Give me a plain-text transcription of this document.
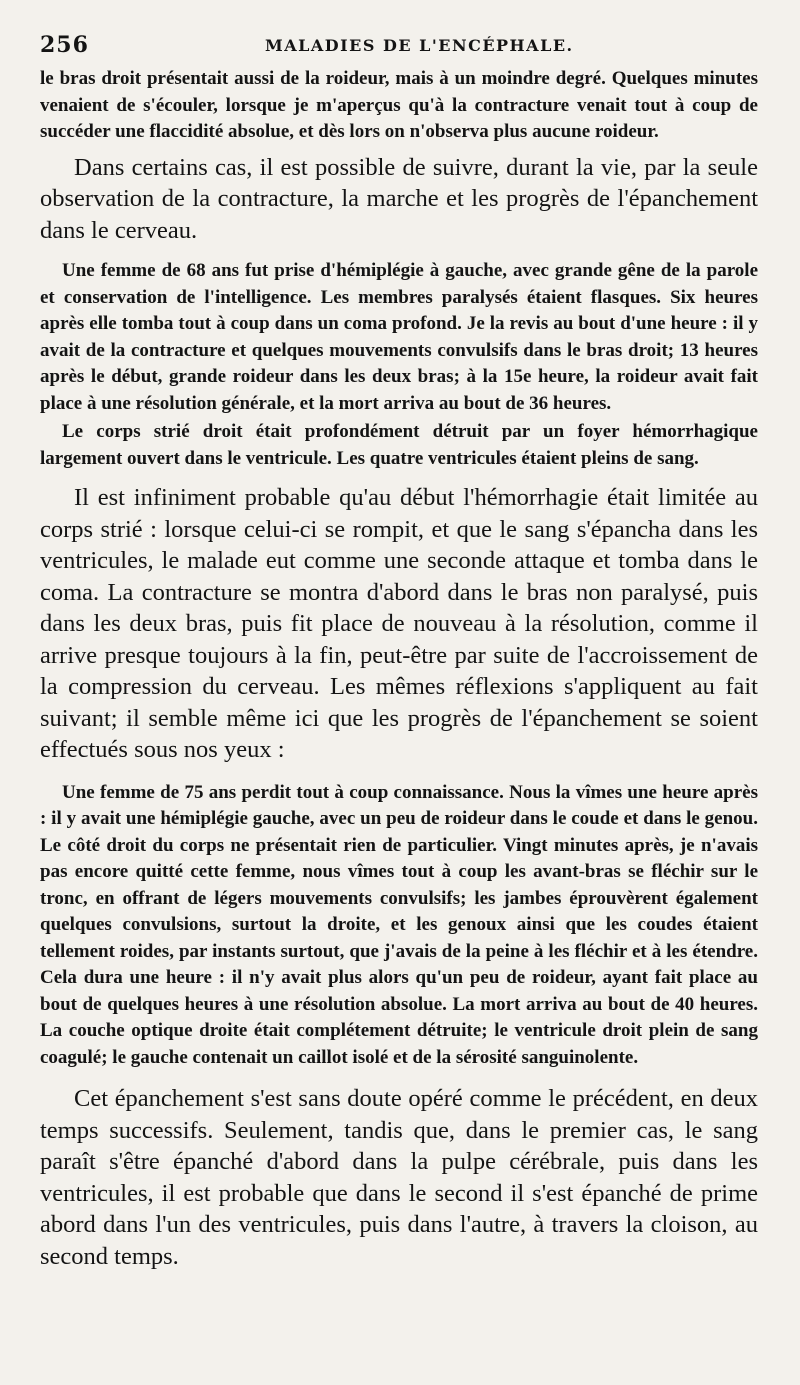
256	MALADIES DE L'ENCÉPHALE.

le bras droit présentait aussi de la roideur, mais à un moindre degré. Quelques minutes venaient de s'écouler, lorsque je m'aperçus qu'à la contracture venait tout à coup de succéder une flaccidité absolue, et dès lors on n'observa plus aucune roideur.

Dans certains cas, il est possible de suivre, durant la vie, par la seule observation de la contracture, la marche et les progrès de l'épanchement dans le cerveau.

Une femme de 68 ans fut prise d'hémiplégie à gauche, avec grande gêne de la parole et conservation de l'intelligence. Les membres paralysés étaient flasques. Six heures après elle tomba tout à coup dans un coma profond. Je la revis au bout d'une heure : il y avait de la contracture et quelques mouvements convulsifs dans le bras droit; 13 heures après le début, grande roideur dans les deux bras; à la 15e heure, la roideur avait fait place à une résolution générale, et la mort arriva au bout de 36 heures.

Le corps strié droit était profondément détruit par un foyer hémorrhagique largement ouvert dans le ventricule. Les quatre ventricules étaient pleins de sang.

Il est infiniment probable qu'au début l'hémorrhagie était limitée au corps strié : lorsque celui-ci se rompit, et que le sang s'épancha dans les ventricules, le malade eut comme une seconde attaque et tomba dans le coma. La contracture se montra d'abord dans le bras non paralysé, puis dans les deux bras, puis fit place de nouveau à la résolution, comme il arrive presque toujours à la fin, peut-être par suite de l'accroissement de la compression du cerveau. Les mêmes réflexions s'appliquent au fait suivant; il semble même ici que les progrès de l'épanchement se soient effectués sous nos yeux :

Une femme de 75 ans perdit tout à coup connaissance. Nous la vîmes une heure après : il y avait une hémiplégie gauche, avec un peu de roideur dans le coude et dans le genou. Le côté droit du corps ne présentait rien de particulier. Vingt minutes après, je n'avais pas encore quitté cette femme, nous vîmes tout à coup les avant-bras se fléchir sur le tronc, en offrant de légers mouvements convulsifs; les jambes éprouvèrent également quelques convulsions, surtout la droite, et les genoux ainsi que les coudes étaient tellement roides, par instants surtout, que j'avais de la peine à les fléchir et à les étendre. Cela dura une heure : il n'y avait plus alors qu'un peu de roideur, ayant fait place au bout de quelques heures à une résolution absolue. La mort arriva au bout de 40 heures. La couche optique droite était complétement détruite; le ventricule droit plein de sang coagulé; le gauche contenait un caillot isolé et de la sérosité sanguinolente.

Cet épanchement s'est sans doute opéré comme le précédent, en deux temps successifs. Seulement, tandis que, dans le premier cas, le sang paraît s'être épanché d'abord dans la pulpe cérébrale, puis dans les ventricules, il est probable que dans le second il s'est épanché de prime abord dans l'un des ventricules, puis dans l'autre, à travers la cloison, au second temps.
